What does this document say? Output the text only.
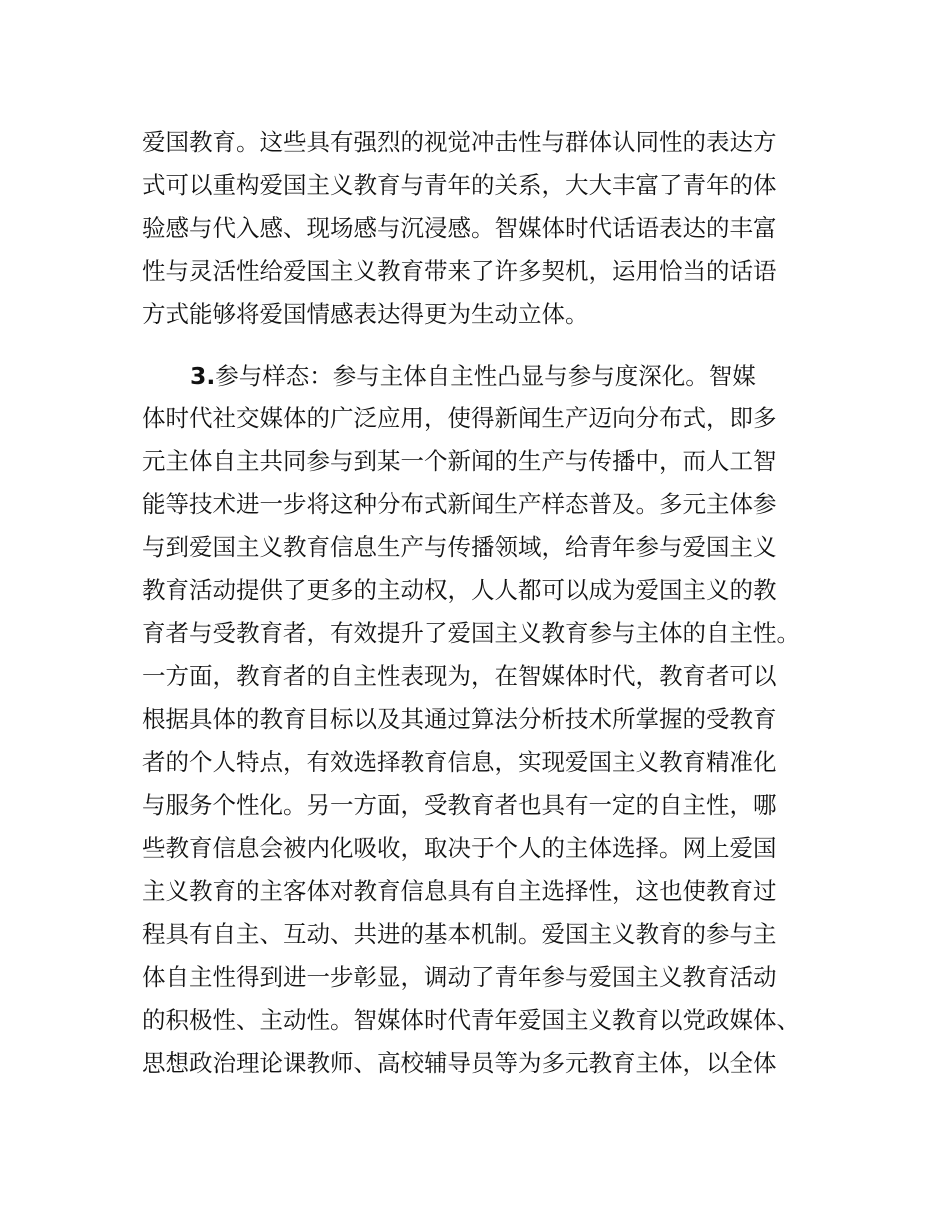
爱国教育。这些具有强烈的视觉冲击性与群体认同性的表达方
式可以重构爱国主义教育与青年的关系，大大丰富了青年的体
验感与代入感、现场感与沉浸感。智媒体时代话语表达的丰富
性与灵活性给爱国主义教育带来了许多契机，运用恰当的话语
方式能够将爱国情感表达得更为生动立体。
3.参与样态：参与主体自主性凸显与参与度深化。智媒
体时代社交媒体的广泛应用，使得新闻生产迈向分布式，即多
元主体自主共同参与到某一个新闻的生产与传播中，而人工智
能等技术进一步将这种分布式新闻生产样态普及。多元主体参
与到爱国主义教育信息生产与传播领域，给青年参与爱国主义
教育活动提供了更多的主动权，人人都可以成为爱国主义的教
育者与受教育者，有效提升了爱国主义教育参与主体的自主性。
一方面，教育者的自主性表现为，在智媒体时代，教育者可以
根据具体的教育目标以及其通过算法分析技术所掌握的受教育
者的个人特点，有效选择教育信息，实现爱国主义教育精准化
与服务个性化。另一方面，受教育者也具有一定的自主性，哪
些教育信息会被内化吸收，取决于个人的主体选择。网上爱国
主义教育的主客体对教育信息具有自主选择性，这也使教育过
程具有自主、互动、共进的基本机制。爱国主义教育的参与主
体自主性得到进一步彰显，调动了青年参与爱国主义教育活动
的积极性、主动性。智媒体时代青年爱国主义教育以党政媒体、
思想政治理论课教师、高校辅导员等为多元教育主体，以全体
